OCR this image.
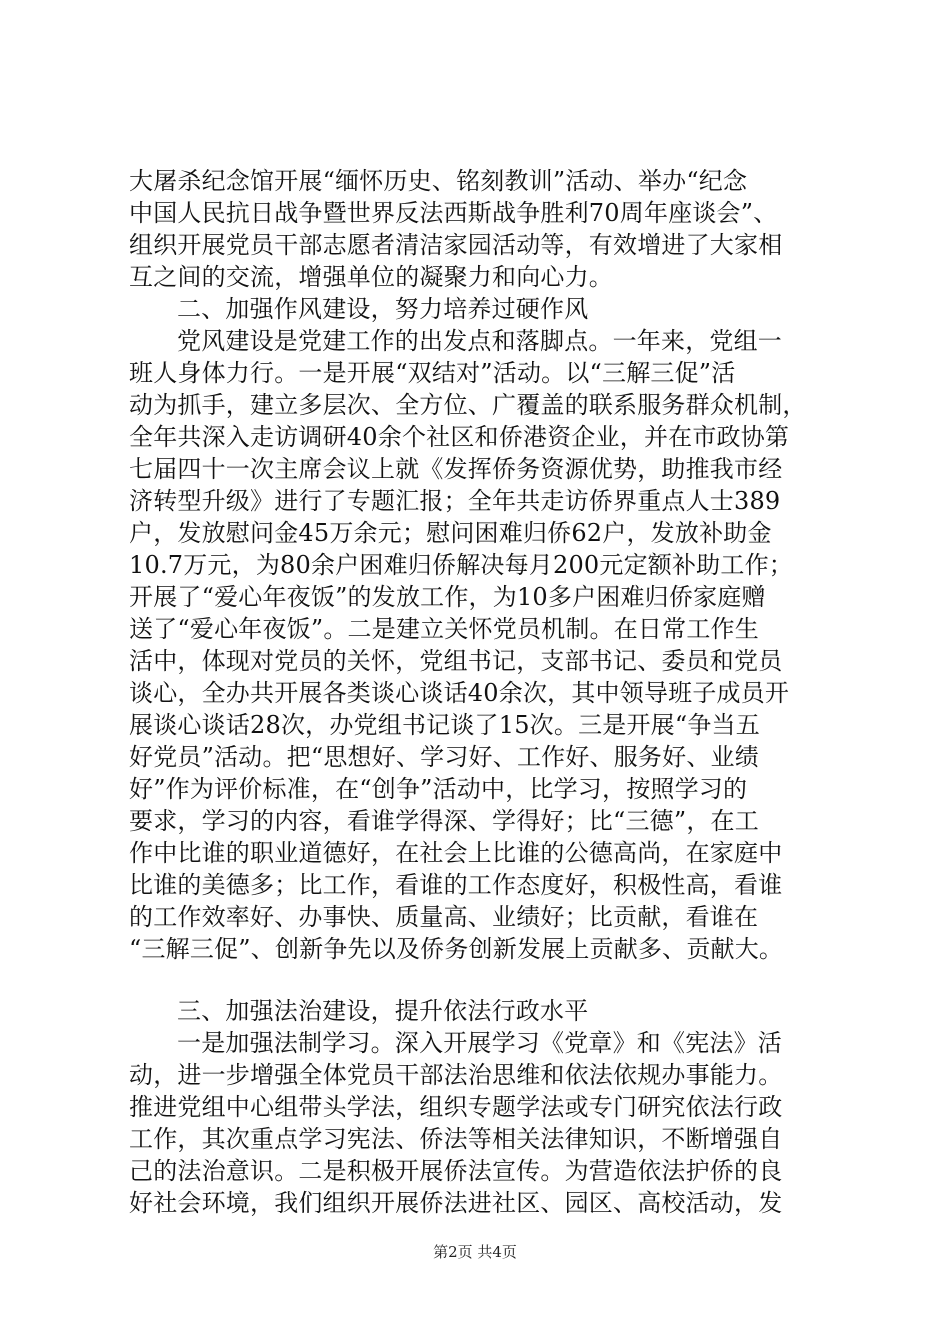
大屠杀纪念馆开展“缅怀历史、铭刻教训”活动、举办“纪念
中国人民抗日战争暨世界反法西斯战争胜利70周年座谈会”、
组织开展党员干部志愿者清洁家园活动等，有效增进了大家相
互之间的交流，增强单位的凝聚力和向心力。
二、加强作风建设，努力培养过硬作风
党风建设是党建工作的出发点和落脚点。一年来，党组一
班人身体力行。一是开展“双结对”活动。以“三解三促”活
动为抓手，建立多层次、全方位、广覆盖的联系服务群众机制，
全年共深入走访调研40余个社区和侨港资企业，并在市政协第
七届四十一次主席会议上就《发挥侨务资源优势，助推我市经
济转型升级》进行了专题汇报；全年共走访侨界重点人士389
户，发放慰问金45万余元；慰问困难归侨62户，发放补助金
10.7万元，为80余户困难归侨解决每月200元定额补助工作；
开展了“爱心年夜饭”的发放工作，为10多户困难归侨家庭赠
送了“爱心年夜饭”。二是建立关怀党员机制。在日常工作生
活中，体现对党员的关怀，党组书记，支部书记、委员和党员
谈心，全办共开展各类谈心谈话40余次，其中领导班子成员开
展谈心谈话28次，办党组书记谈了15次。三是开展“争当五
好党员”活动。把“思想好、学习好、工作好、服务好、业绩
好”作为评价标准，在“创争”活动中，比学习，按照学习的
要求，学习的内容，看谁学得深、学得好；比“三德”，在工
作中比谁的职业道德好，在社会上比谁的公德高尚，在家庭中
比谁的美德多；比工作，看谁的工作态度好，积极性高，看谁
的工作效率好、办事快、质量高、业绩好；比贡献，看谁在
“三解三促”、创新争先以及侨务创新发展上贡献多、贡献大。
三、加强法治建设，提升依法行政水平
一是加强法制学习。深入开展学习《党章》和《宪法》活
动，进一步增强全体党员干部法治思维和依法依规办事能力。
推进党组中心组带头学法，组织专题学法或专门研究依法行政
工作，其次重点学习宪法、侨法等相关法律知识，不断增强自
己的法治意识。二是积极开展侨法宣传。为营造依法护侨的良
好社会环境，我们组织开展侨法进社区、园区、高校活动，发
第2页 共4页
